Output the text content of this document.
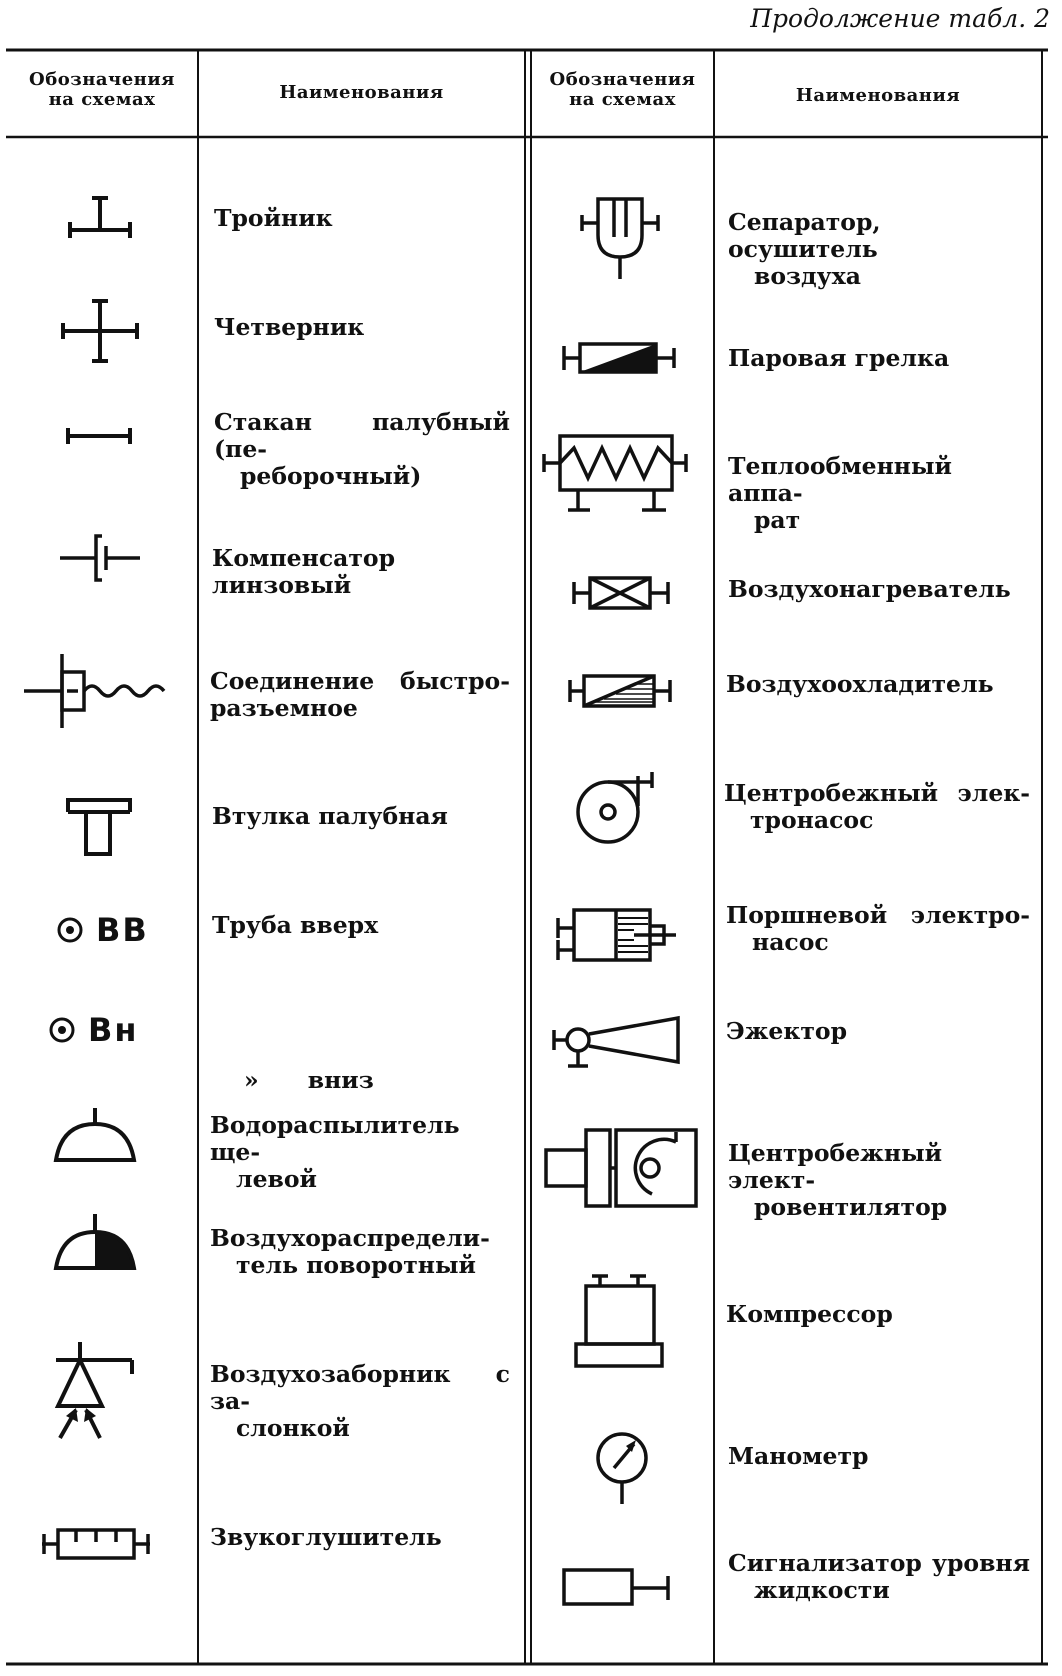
Продолжение табл. 2
Обозначения
на схемах	Наименования
Обозначения
на схемах	Наименования
ВВ
Вн
Тройник
Четверник
Стакан палубный (пе-
реборочный)
Компенсатор линзовый
Соединение быстро-
разъемное
Втулка палубная
Труба вверх

»      вниз

Водораспылитель ще-
левой
Воздухораспредели-
тель поворотный
Воздухозаборник с за-
слонкой
Звукоглушитель
Сепаратор, осушитель
воздуха
Паровая грелка
Теплообменный аппа-
рат
Воздухонагреватель
Воздухоохладитель
Центробежный элек-
тронасос
Поршневой электро-
насос
Эжектор
Центробежный элект-
ровентилятор
Компрессор
Манометр
Сигнализатор уровня
жидкости
